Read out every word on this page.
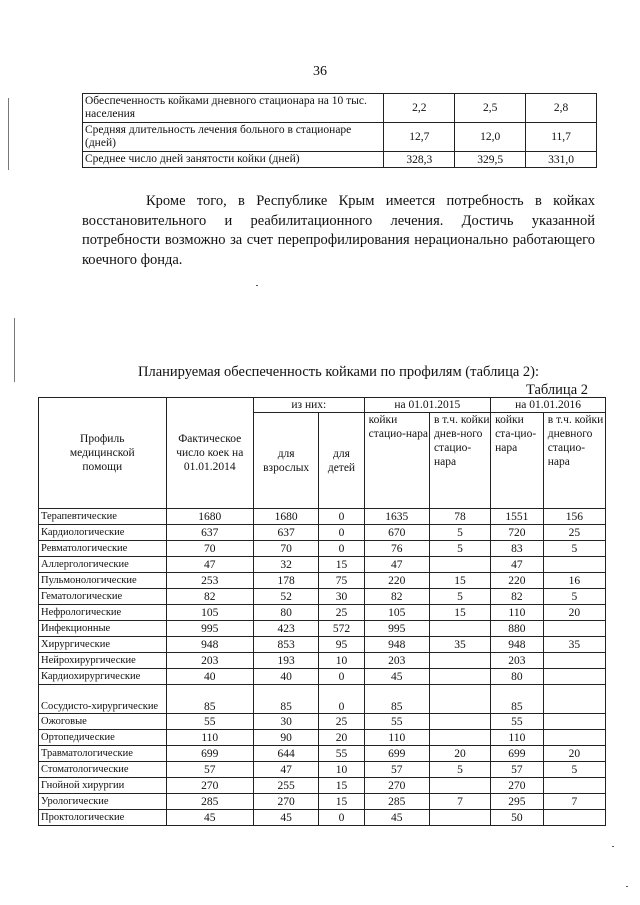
36
Обеспеченность койками дневного стационара на 10 тыс. населения	2,2	2,5	2,8
Средняя длительность лечения больного в стационаре (дней)	12,7	12,0	11,7
Среднее число дней занятости койки (дней)	328,3	329,5	331,0

Кроме того, в Республике Крым имеется потребность в койках восстановительного и реабилитационного лечения. Достичь указанной потребности возможно за счет перепрофилирования нерационально работающего коечного фонда.

Планируемая обеспеченность койками по профилям (таблица 2):
Таблица 2
Профиль медицинской помощи	Фактическое число коек на 01.01.2014	из них:		на 01.01.2015		на 01.01.2016	
		для взрослых	для детей	койки стацио-нара	в т.ч. койки днев-ного стацио-нара	койки ста-цио-нара	в т.ч. койки дневного стацио-нара
Терапевтические	1680	1680	0	1635	78	1551	156
Кардиологические	637	637	0	670	5	720	25
Ревматологические	70	70	0	76	5	83	5
Аллергологические	47	32	15	47		47	
Пульмонологические	253	178	75	220	15	220	16
Гематологические	82	52	30	82	5	82	5
Нефрологические	105	80	25	105	15	110	20
Инфекционные	995	423	572	995		880	
Хирургические	948	853	95	948	35	948	35
Нейрохирургические	203	193	10	203		203	
Кардиохирургические	40	40	0	45		80	
Сосудисто-хирургические	85	85	0	85		85	
Ожоговые	55	30	25	55		55	
Ортопедические	110	90	20	110		110	
Травматологические	699	644	55	699	20	699	20
Стоматологические	57	47	10	57	5	57	5
Гнойной хирургии	270	255	15	270		270	
Урологические	285	270	15	285	7	295	7
Проктологические	45	45	0	45		50	
